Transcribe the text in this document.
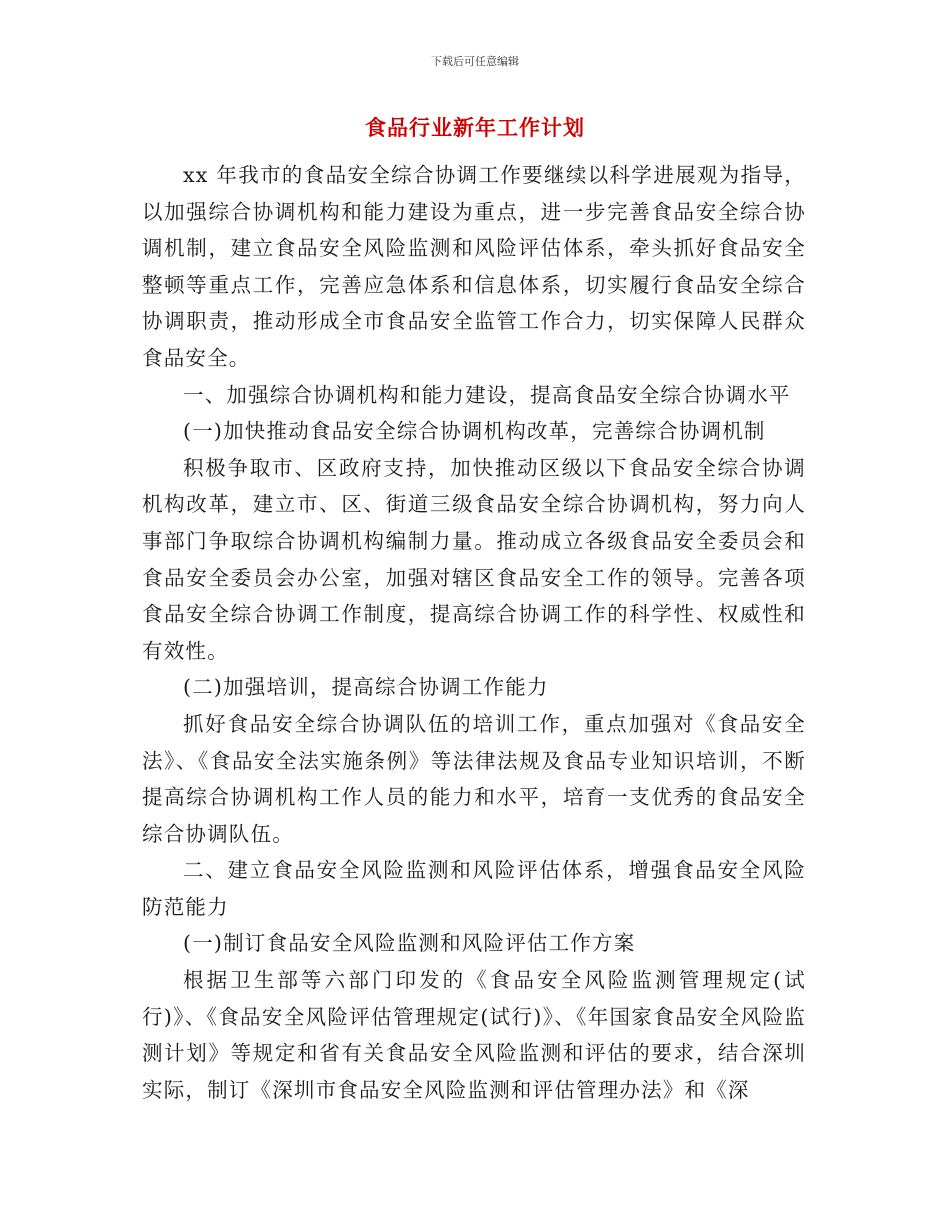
下载后可任意编辑
食品行业新年工作计划

xx 年我市的食品安全综合协调工作要继续以科学进展观为指导，以加强综合协调机构和能力建设为重点，进一步完善食品安全综合协调机制，建立食品安全风险监测和风险评估体系，牵头抓好食品安全整顿等重点工作，完善应急体系和信息体系，切实履行食品安全综合协调职责，推动形成全市食品安全监管工作合力，切实保障人民群众食品安全。

一、加强综合协调机构和能力建设，提高食品安全综合协调水平

(一)加快推动食品安全综合协调机构改革，完善综合协调机制

积极争取市、区政府支持，加快推动区级以下食品安全综合协调机构改革，建立市、区、街道三级食品安全综合协调机构，努力向人事部门争取综合协调机构编制力量。推动成立各级食品安全委员会和食品安全委员会办公室，加强对辖区食品安全工作的领导。完善各项食品安全综合协调工作制度，提高综合协调工作的科学性、权威性和有效性。

(二)加强培训，提高综合协调工作能力

抓好食品安全综合协调队伍的培训工作，重点加强对《食品安全法》、《食品安全法实施条例》等法律法规及食品专业知识培训，不断提高综合协调机构工作人员的能力和水平，培育一支优秀的食品安全综合协调队伍。

二、建立食品安全风险监测和风险评估体系，增强食品安全风险防范能力

(一)制订食品安全风险监测和风险评估工作方案

根据卫生部等六部门印发的《食品安全风险监测管理规定(试行)》、《食品安全风险评估管理规定(试行)》、《年国家食品安全风险监测计划》等规定和省有关食品安全风险监测和评估的要求，结合深圳实际，制订《深圳市食品安全风险监测和评估管理办法》和《深
